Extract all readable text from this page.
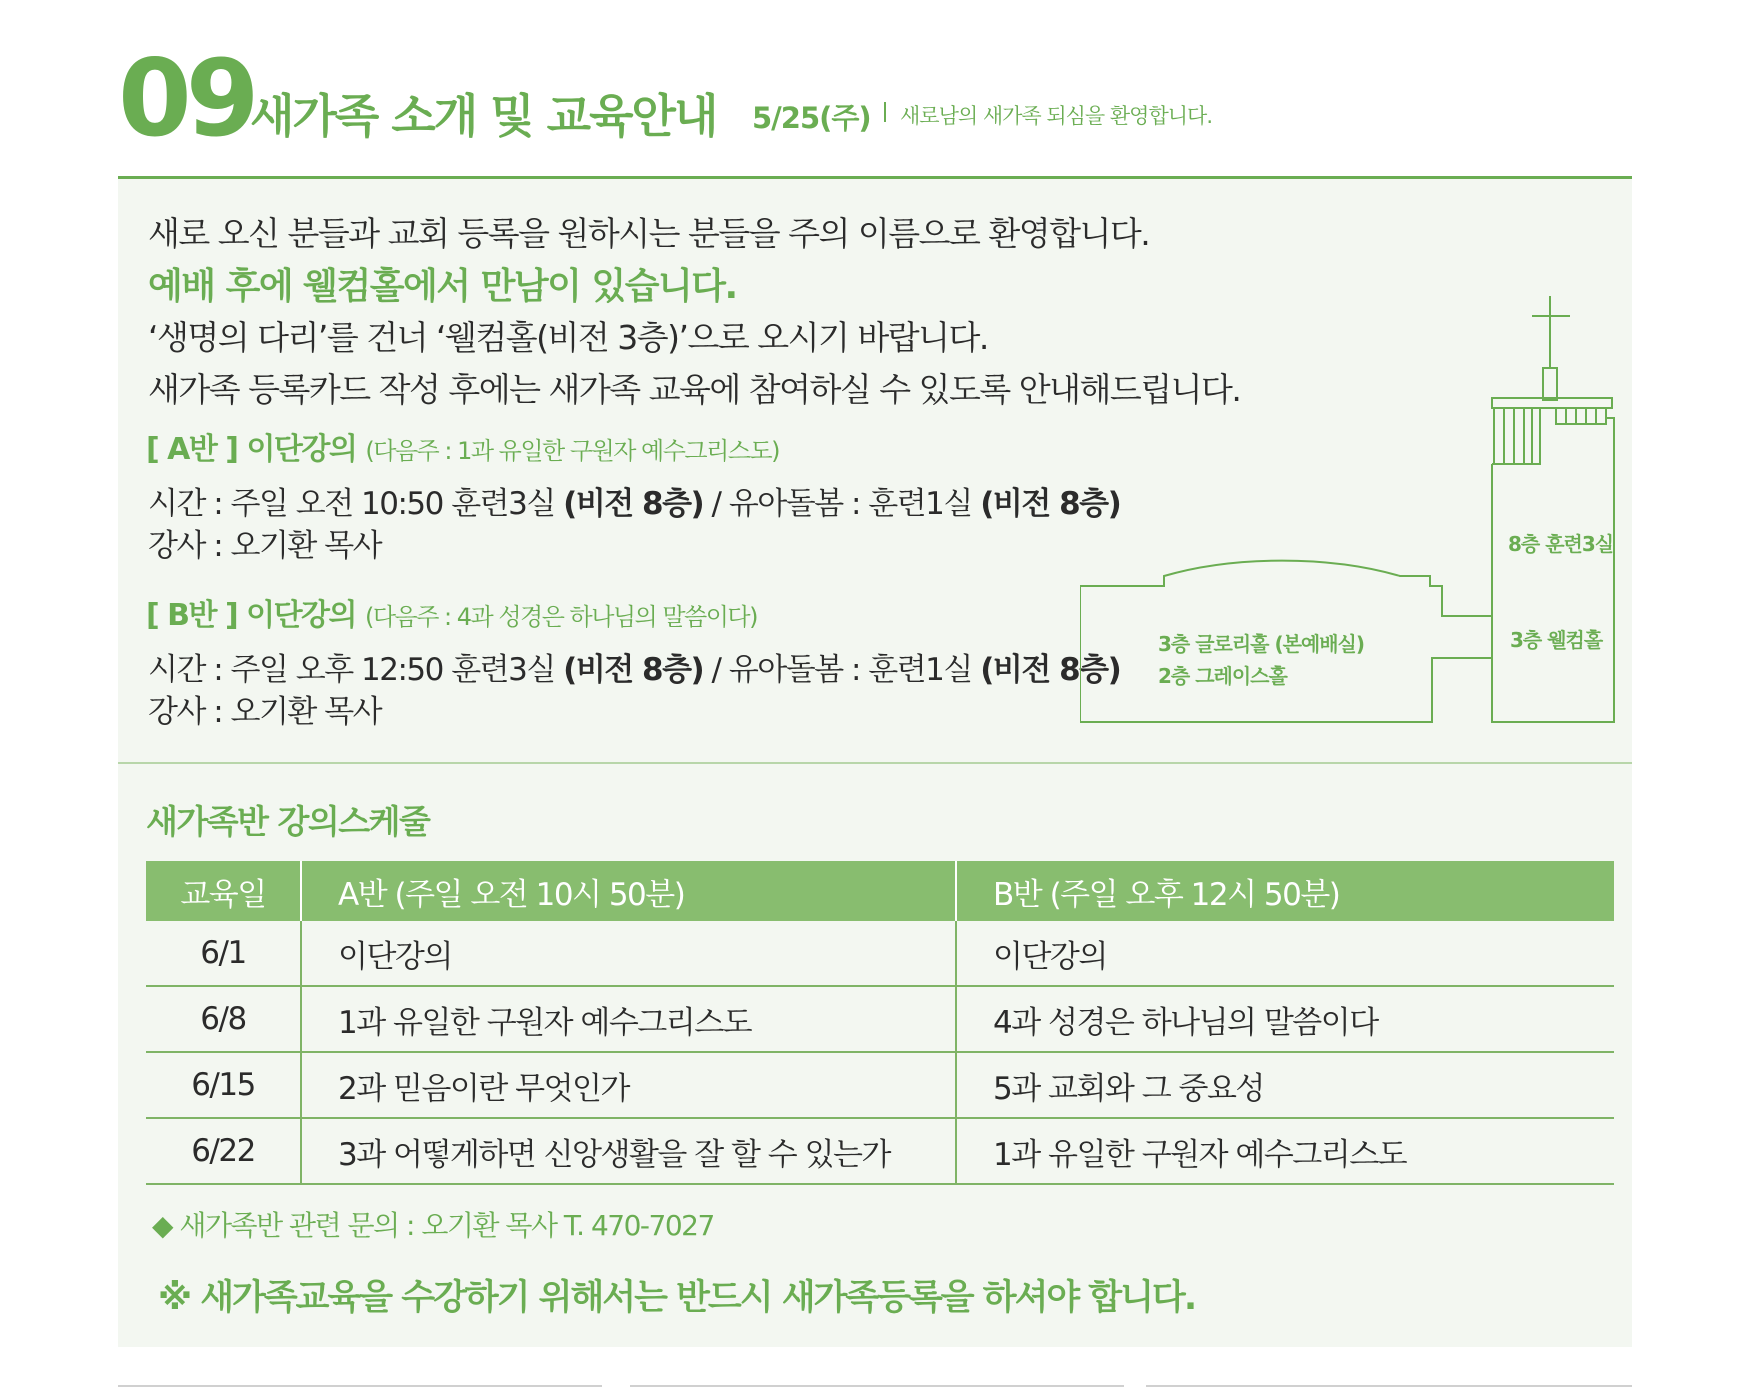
09
새가족 소개 및 교육안내 5/25(주) 새로남의 새가족 되심을 환영합니다.
새로 오신 분들과 교회 등록을 원하시는 분들을 주의 이름으로 환영합니다.
예배 후에 웰컴홀에서 만남이 있습니다.
‘생명의 다리’를 건너 ‘웰컴홀(비전 3층)’으로 오시기 바랍니다.
새가족 등록카드 작성 후에는 새가족 교육에 참여하실 수 있도록 안내해드립니다.
[ A반 ] 이단강의 (다음주 : 1과 유일한 구원자 예수그리스도)
시간 : 주일 오전 10:50 훈련3실 (비전 8층) / 유아돌봄 : 훈련1실 (비전 8층)
강사 : 오기환 목사
[ B반 ] 이단강의 (다음주 : 4과 성경은 하나님의 말씀이다)
시간 : 주일 오후 12:50 훈련3실 (비전 8층) / 유아돌봄 : 훈련1실 (비전 8층)
강사 : 오기환 목사
8층 훈련3실
3층 웰컴홀
3층 글로리홀 (본예배실)
2층 그레이스홀
새가족반 강의스케줄
교육일	A반 (주일 오전 10시 50분)	B반 (주일 오후 12시 50분)
6/1	이단강의	이단강의
6/8	1과 유일한 구원자 예수그리스도	4과 성경은 하나님의 말씀이다
6/15	2과 믿음이란 무엇인가	5과 교회와 그 중요성
6/22	3과 어떻게하면 신앙생활을 잘 할 수 있는가	1과 유일한 구원자 예수그리스도
◆ 새가족반 관련 문의 : 오기환 목사 T. 470-7027
※ 새가족교육을 수강하기 위해서는 반드시 새가족등록을 하셔야 합니다.
